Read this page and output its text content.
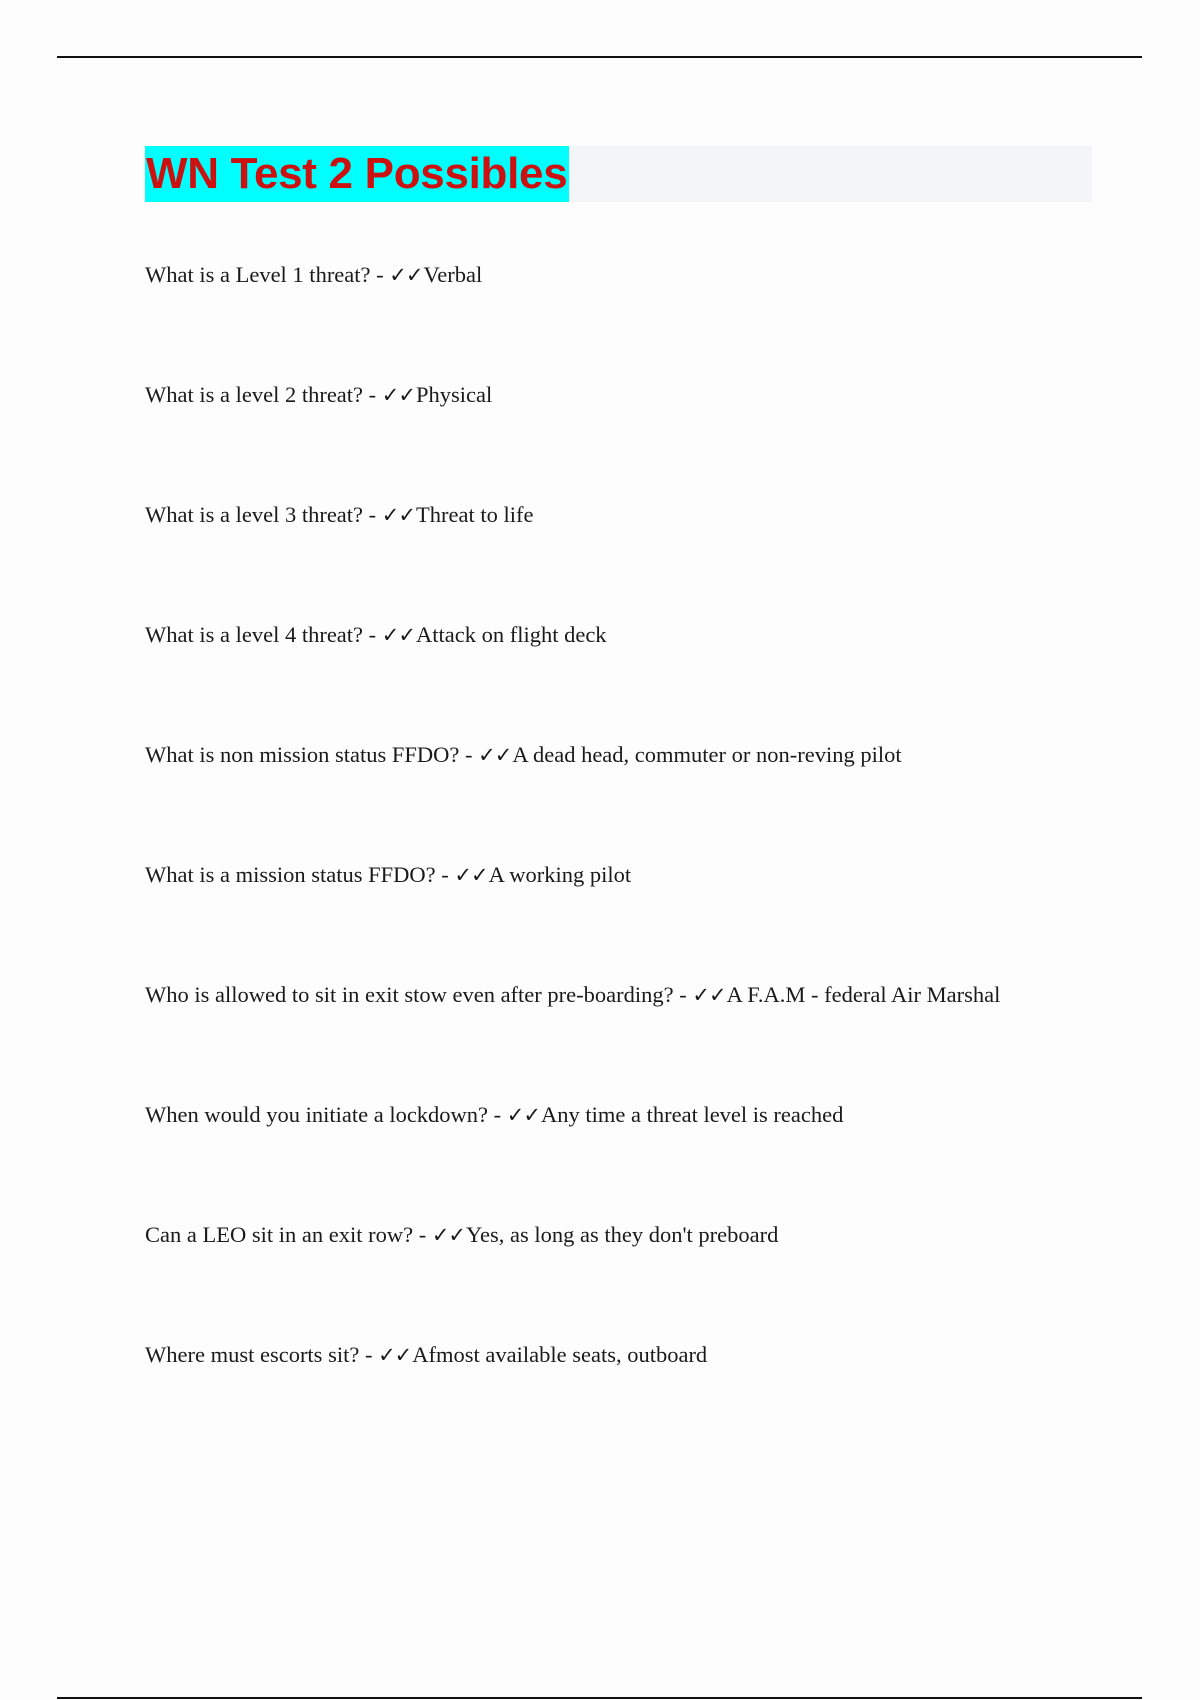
WN Test 2 Possibles
What is a Level 1 threat? - ✓✓Verbal
What is a level 2 threat? - ✓✓Physical
What is a level 3 threat? - ✓✓Threat to life
What is a level 4 threat? - ✓✓Attack on flight deck
What is non mission status FFDO? - ✓✓A dead head, commuter or non-reving pilot
What is a mission status FFDO? - ✓✓A working pilot
Who is allowed to sit in exit stow even after pre-boarding? - ✓✓A F.A.M - federal Air Marshal
When would you initiate a lockdown? - ✓✓Any time a threat level is reached
Can a LEO sit in an exit row? - ✓✓Yes, as long as they don't preboard
Where must escorts sit? - ✓✓Afmost available seats, outboard
